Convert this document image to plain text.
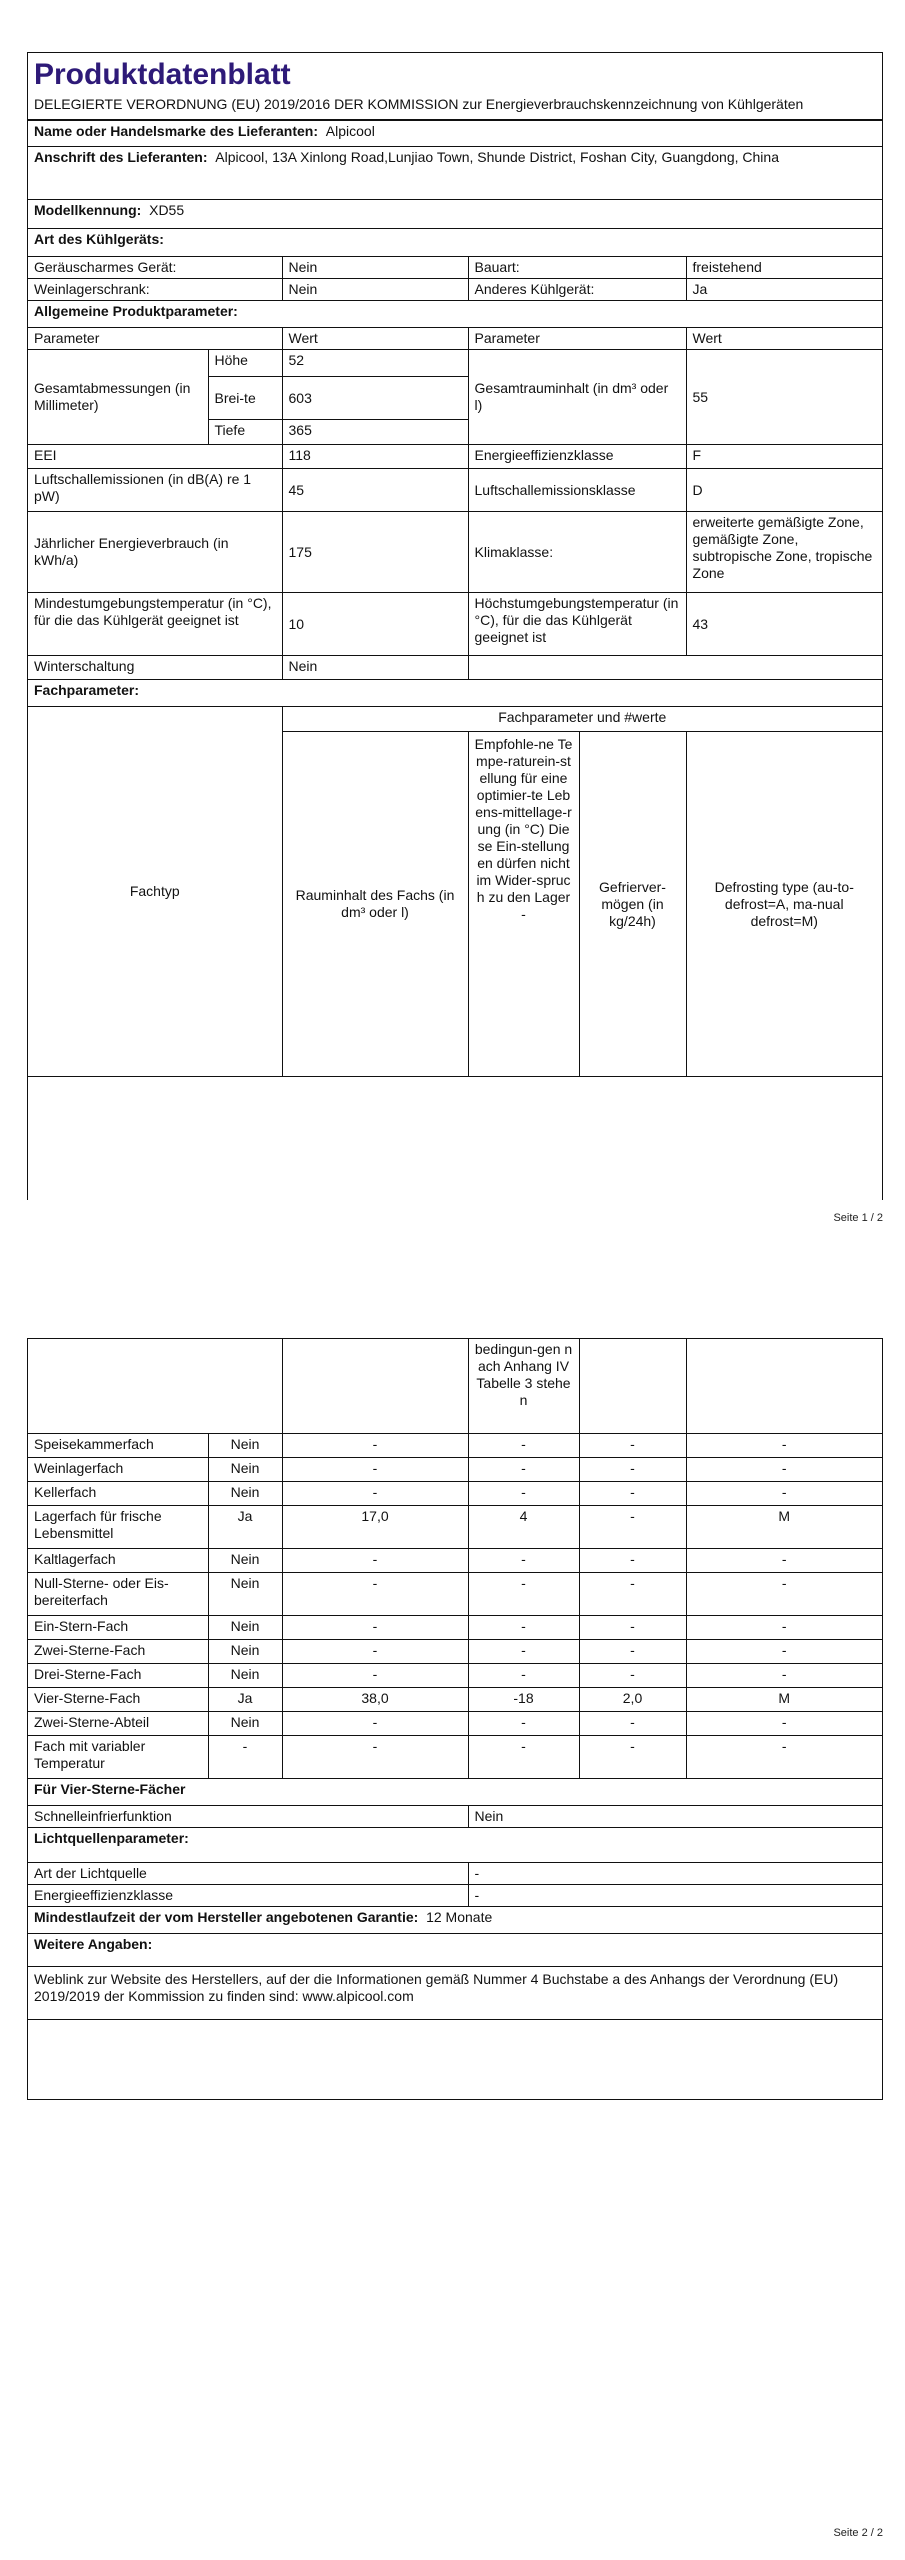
Produktdatenblatt
DELEGIERTE VERORDNUNG (EU) 2019/2016 DER KOMMISSION zur Energieverbrauchskennzeichnung von Kühlgeräten
Name oder Handelsmarke des Lieferanten: Alpicool
Anschrift des Lieferanten: Alpicool, 13A Xinlong Road,Lunjiao Town, Shunde District, Foshan City, Guangdong, China
Modellkennung: XD55
Art des Kühlgeräts:
Geräuscharmes Gerät:	Nein	Bauart:	freistehend
Weinlagerschrank:	Nein	Anderes Kühlgerät:	Ja
Allgemeine Produktparameter:			
Parameter		Wert	Parameter	Wert
Gesamtabmessungen (in Millimeter)	Höhe	52	Gesamtrauminhalt (in dm³ oder l)	55
	Brei-te	603		
	Tiefe	365		
EEI		118	Energieeffizienzklasse	F
Luftschallemissionen (in dB(A) re 1 pW)		45	Luftschallemissionsklasse	D
Jährlicher Energieverbrauch (in kWh/a)		175	Klimaklasse:	erweiterte gemäßigte Zone, gemäßigte Zone, subtropische Zone, tropische Zone
Mindestumgebungstemperatur (in °C), für die das Kühlgerät geeignet ist		10	Höchstumgebungstemperatur (in °C), für die das Kühlgerät geeignet ist	43
Winterschaltung		Nein		
Fachparameter:				
Fachtyp	Fachparameter und #werte			
	Rauminhalt des Fachs (in dm³ oder l)	Empfohle-ne Tempe-raturein-stellung für eine optimier-te Lebens-mittellage-rung (in °C) Diese Ein-stellungen dürfen nicht im Wider-spruch zu den Lager-	Gefrierver-mögen (in kg/24h)	Defrosting type (au-to-defrost=A, ma-nual defrost=M)
Seite 1 / 2
			bedingun-gen nach Anhang IV Tabelle 3 stehen		
Speisekammerfach	Nein	-	-	-	-
Weinlagerfach	Nein	-	-	-	-
Kellerfach	Nein	-	-	-	-
Lagerfach für frische Lebensmittel	Ja	17,0	4	-	M
Kaltlagerfach	Nein	-	-	-	-
Null-Sterne- oder Eis-bereiterfach	Nein	-	-	-	-
Ein-Stern-Fach	Nein	-	-	-	-
Zwei-Sterne-Fach	Nein	-	-	-	-
Drei-Sterne-Fach	Nein	-	-	-	-
Vier-Sterne-Fach	Ja	38,0	-18	2,0	M
Zwei-Sterne-Abteil	Nein	-	-	-	-
Fach mit variabler Temperatur	-	-	-	-	-
Für Vier-Sterne-Fächer					
Schnelleinfrierfunktion			Nein		
Lichtquellenparameter:					
Art der Lichtquelle			-		
Energieeffizienzklasse			-		
Mindestlaufzeit der vom Hersteller angebotenen Garantie: 12 Monate					
Weitere Angaben:					
Weblink zur Website des Herstellers, auf der die Informationen gemäß Nummer 4 Buchstabe a des Anhangs der Verordnung (EU) 2019/2019 der Kommission zu finden sind: www.alpicool.com					
Seite 2 / 2
